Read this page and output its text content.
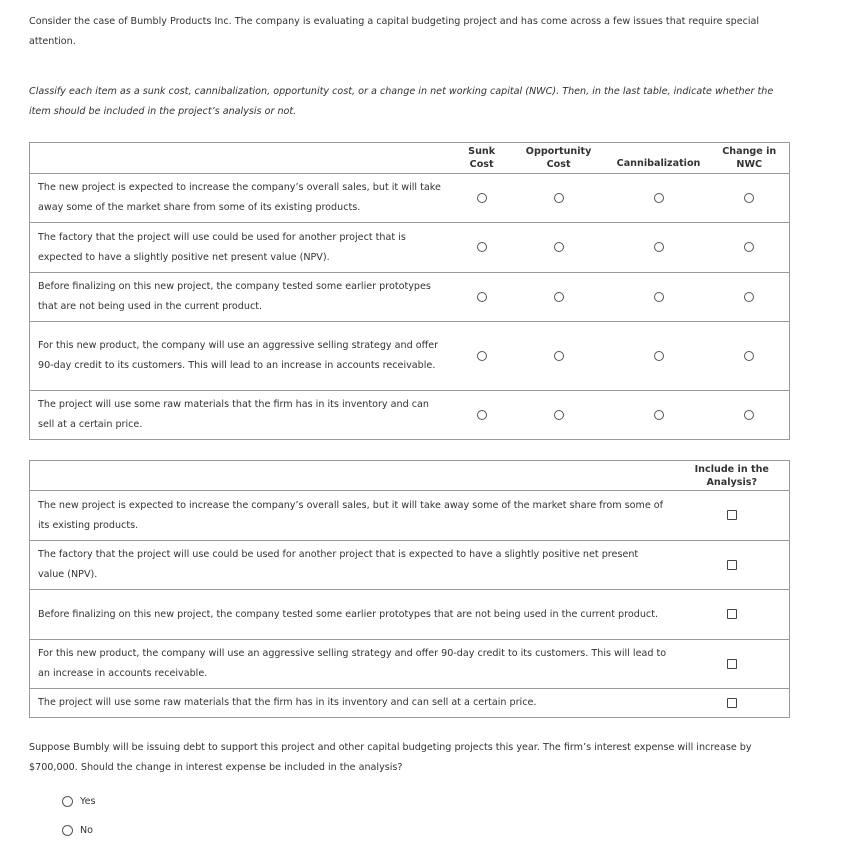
Consider the case of Bumbly Products Inc. The company is evaluating a capital budgeting project and has come across a few issues that require special attention.
Classify each item as a sunk cost, cannibalization, opportunity cost, or a change in net working capital (NWC). Then, in the last table, indicate whether the item should be included in the project’s analysis or not.

	Sunk Cost	Opportunity Cost	Cannibalization	Change in NWC

The new project is expected to increase the company’s overall sales, but it will take away some of the market share from some of its existing products.				
The factory that the project will use could be used for another project that is expected to have a slightly positive net present value (NPV).				
Before finalizing on this new project, the company tested some earlier prototypes that are not being used in the current product.				
For this new product, the company will use an aggressive selling strategy and offer 90-day credit to its customers. This will lead to an increase in accounts receivable.				
The project will use some raw materials that the firm has in its inventory and can sell at a certain price.				

	Include in the Analysis?

The new project is expected to increase the company’s overall sales, but it will take away some of the market share from some of its existing products.	
The factory that the project will use could be used for another project that is expected to have a slightly positive net present value (NPV).	
Before finalizing on this new project, the company tested some earlier prototypes that are not being used in the current product.	
For this new product, the company will use an aggressive selling strategy and offer 90-day credit to its customers. This will lead to an increase in accounts receivable.	
The project will use some raw materials that the firm has in its inventory and can sell at a certain price.	
Suppose Bumbly will be issuing debt to support this project and other capital budgeting projects this year. The firm’s interest expense will increase by $700,000. Should the change in interest expense be included in the analysis?
Yes
No
